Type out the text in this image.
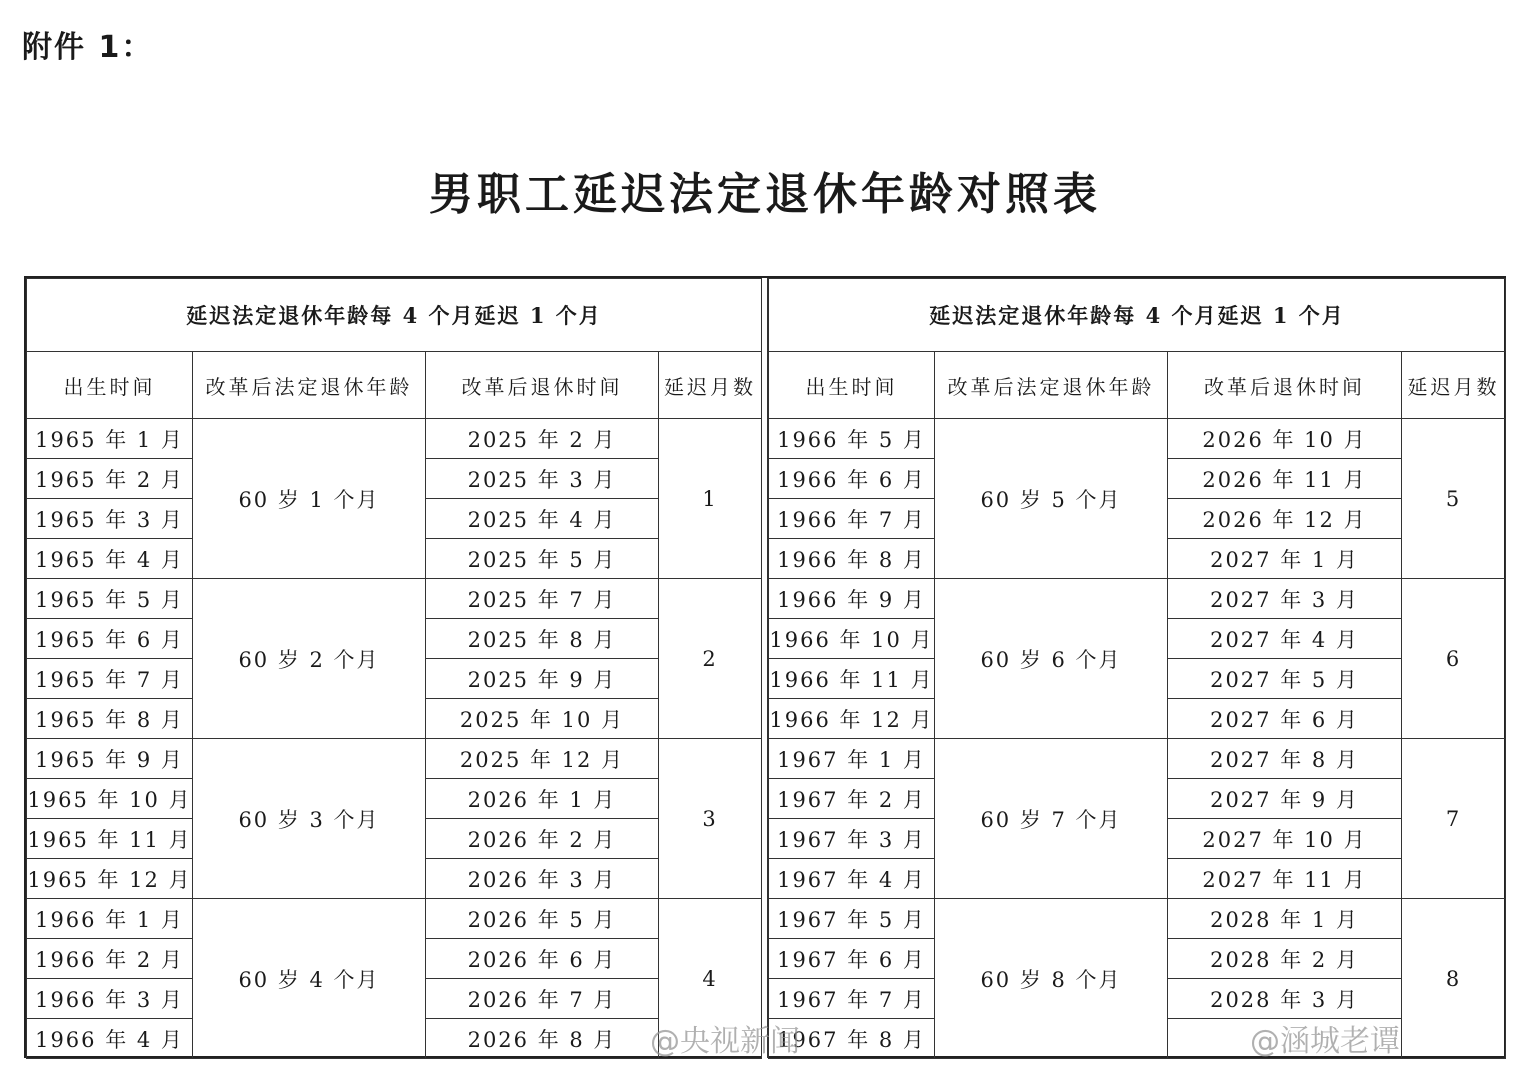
附件 1：
男职工延迟法定退休年龄对照表
延迟法定退休年龄每 4 个月延迟 1 个月			
出生时间	改革后法定退休年龄	改革后退休时间	延迟月数
1965 年 1 月	60 岁 1 个月	2025 年 2 月	1
1965 年 2 月		2025 年 3 月	
1965 年 3 月		2025 年 4 月	
1965 年 4 月		2025 年 5 月	
1965 年 5 月	60 岁 2 个月	2025 年 7 月	2
1965 年 6 月		2025 年 8 月	
1965 年 7 月		2025 年 9 月	
1965 年 8 月		2025 年 10 月	
1965 年 9 月	60 岁 3 个月	2025 年 12 月	3
1965 年 10 月		2026 年 1 月	
1965 年 11 月		2026 年 2 月	
1965 年 12 月		2026 年 3 月	
1966 年 1 月	60 岁 4 个月	2026 年 5 月	4
1966 年 2 月		2026 年 6 月	
1966 年 3 月		2026 年 7 月	
1966 年 4 月		2026 年 8 月	
延迟法定退休年龄每 4 个月延迟 1 个月			
出生时间	改革后法定退休年龄	改革后退休时间	延迟月数
1966 年 5 月	60 岁 5 个月	2026 年 10 月	5
1966 年 6 月		2026 年 11 月	
1966 年 7 月		2026 年 12 月	
1966 年 8 月		2027 年 1 月	
1966 年 9 月	60 岁 6 个月	2027 年 3 月	6
1966 年 10 月		2027 年 4 月	
1966 年 11 月		2027 年 5 月	
1966 年 12 月		2027 年 6 月	
1967 年 1 月	60 岁 7 个月	2027 年 8 月	7
1967 年 2 月		2027 年 9 月	
1967 年 3 月		2027 年 10 月	
1967 年 4 月		2027 年 11 月	
1967 年 5 月	60 岁 8 个月	2028 年 1 月	8
1967 年 6 月		2028 年 2 月	
1967 年 7 月		2028 年 3 月	
1967 年 8 月			
@央视新闻	@涵城老谭
